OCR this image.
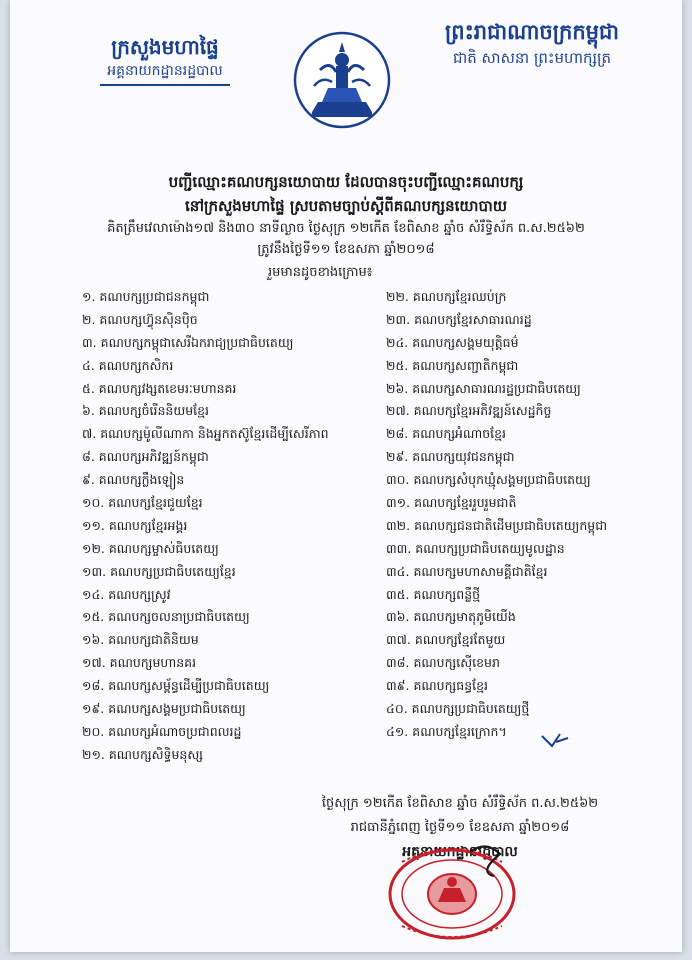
ក្រសួងមហាផ្ទៃ
អគ្គនាយកដ្ឋានរដ្ឋបាល
ព្រះរាជាណាចក្រកម្ពុជា
ជាតិ សាសនា ព្រះមហាក្សត្រ
បញ្ជីឈ្មោះគណបក្សនយោបាយ ដែលបានចុះបញ្ជីឈ្មោះគណបក្ស
នៅក្រសួងមហាផ្ទៃ ស្របតាមច្បាប់ស្តីពីគណបក្សនយោបាយ
គិតត្រឹមវេលាម៉ោង១៧ និង៣០ នាទីល្ងាច ថ្ងៃសុក្រ ១២កើត ខែពិសាខ ឆ្នាំច សំរឹទ្ធិស័ក ព.ស.២៥៦២
ត្រូវនឹងថ្ងៃទី១១ ខែឧសភា ឆ្នាំ២០១៨
រួមមានដូចខាងក្រោម៖
១. គណបក្សប្រជាជនកម្ពុជា
២. គណបក្សហ៊្វុនស៊ិនប៉ិច
៣. គណបក្សកម្ពុជាសេរីឯករាជ្យប្រជាធិបតេយ្យ
៤. គណបក្សកសិករ
៥. គណបក្សវង្សតខេមរៈមហានគរ
៦. គណបក្សចំរើននិយមខ្មែរ
៧. គណបក្សម៉ូលីណាកា និងអ្នកតស៊ូខ្មែរដើម្បីសេរីភាព
៨. គណបក្សអភិវឌ្ឍន៍កម្ពុជា
៩. គណបក្សក្លឹងឡៀន
១០. គណបក្សខ្មែរជួយខ្មែរ
១១. គណបក្សខ្មែរអង្គរ
១២. គណបក្សម្ចាស់ធិបតេយ្យ
១៣. គណបក្សប្រជាធិបតេយ្យខ្មែរ
១៤. គណបក្សស្រូវ
១៥. គណបក្សចលនាប្រជាធិបតេយ្យ
១៦. គណបក្សជាតិនិយម
១៧. គណបក្សមហានគរ
១៨. គណបក្សសម្ព័ន្ធដើម្បីប្រជាធិបតេយ្យ
១៩. គណបក្សសង្គមប្រជាធិបតេយ្យ
២០. គណបក្សអំណាចប្រជាពលរដ្ឋ
២១. គណបក្សសិទ្ធិមនុស្ស
២២. គណបក្សខ្មែរឈប់ក្រ
២៣. គណបក្សខ្មែរសាធារណរដ្ឋ
២៤. គណបក្សសង្គមយុត្តិធម៌
២៥. គណបក្សសញ្ជាតិកម្ពុជា
២៦. គណបក្សសាធារណរដ្ឋប្រជាធិបតេយ្យ
២៧. គណបក្សខ្មែរអភិវឌ្ឍន៍សេដ្ឋកិច្ច
២៨. គណបក្សអំណាចខ្មែរ
២៩. គណបក្សយុវជនកម្ពុជា
៣០. គណបក្សសំបុកឃ្មុំសង្គមប្រជាធិបតេយ្យ
៣១. គណបក្សខ្មែររួបរួមជាតិ
៣២. គណបក្សជនជាតិដើមប្រជាធិបតេយ្យកម្ពុជា
៣៣. គណបក្សប្រជាធិបតេយ្យមូលដ្ឋាន
៣៤. គណបក្សមហាសាមគ្គីជាតិខ្មែរ
៣៥. គណបក្សពន្លឺថ្មី
៣៦. គណបក្សមាតុភូមិយើង
៣៧. គណបក្សខ្មែរតែមួយ
៣៨. គណបក្សស៊ើខេមរា
៣៩. គណបក្សធន្ធខ្មែរ
៤០. គណបក្សប្រជាធិបតេយ្យថ្មី
៤១. គណបក្សខ្មែរក្រោក។
ថ្ងៃសុក្រ ១២កើត ខែពិសាខ ឆ្នាំច សំរឹទ្ធិស័ក ព.ស.២៥៦២
រាជធានីភ្នំពេញ ថ្ងៃទី១១ ខែឧសភា ឆ្នាំ២០១៨
អគ្គនាយកដ្ឋានរដ្ឋបាល
